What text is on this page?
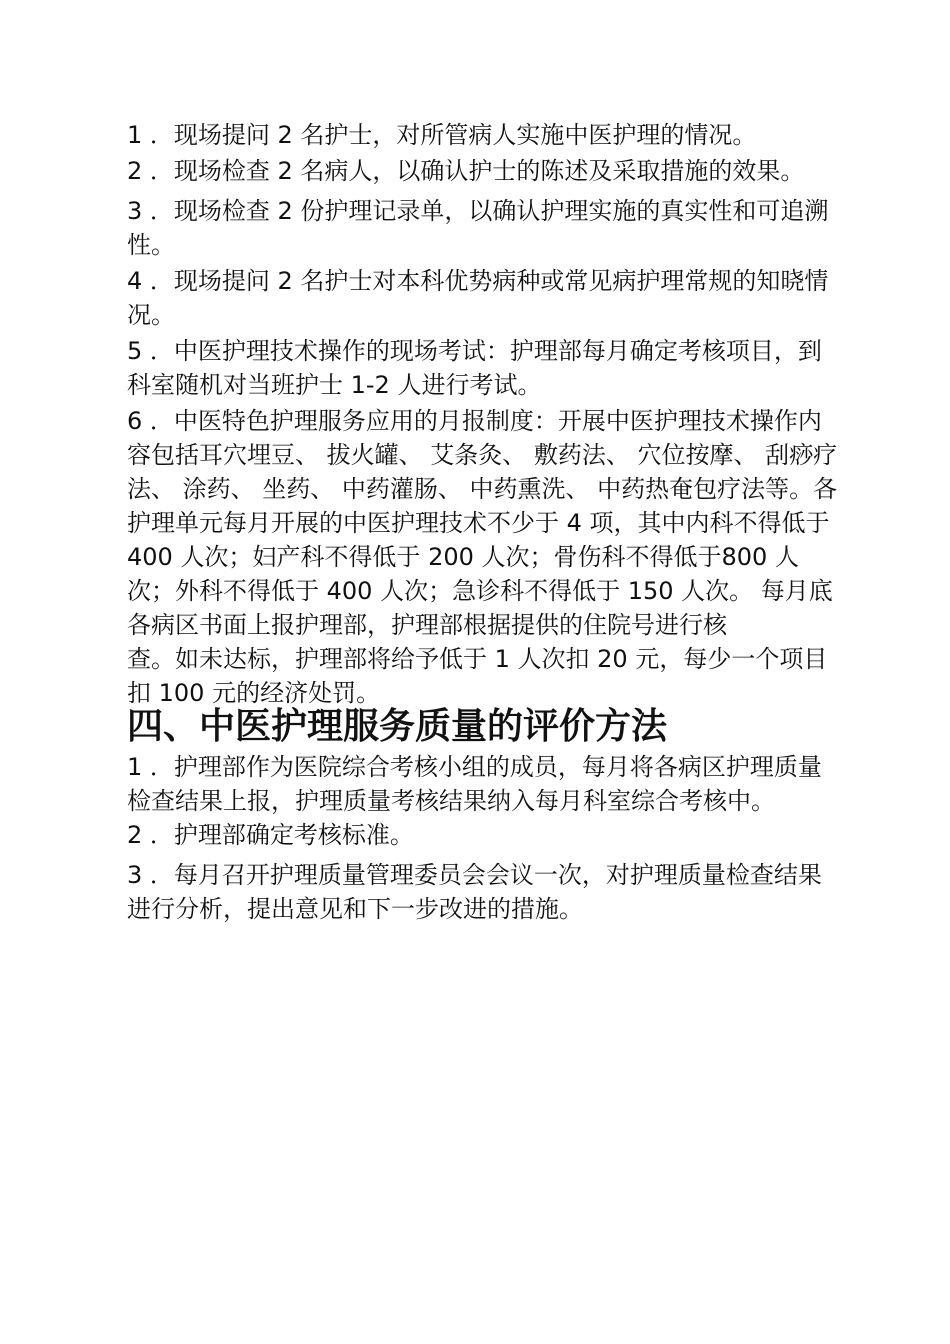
1 ．现场提问 2 名护士，对所管病人实施中医护理的情况。

2 ．现场检查 2 名病人，以确认护士的陈述及采取措施的效果。

3 ．现场检查 2 份护理记录单，以确认护理实施的真实性和可追溯性。

4 ．现场提问 2 名护士对本科优势病种或常见病护理常规的知晓情况。

5 ．中医护理技术操作的现场考试：护理部每月确定考核项目，到科室随机对当班护士 1-2 人进行考试。

6 ．中医特色护理服务应用的月报制度：开展中医护理技术操作内容包括耳穴埋豆、 拔火罐、 艾条灸、 敷药法、 穴位按摩、 刮痧疗法、 涂药、 坐药、 中药灌肠、 中药熏洗、 中药热奄包疗法等。各护理单元每月开展的中医护理技术不少于 4 项，其中内科不得低于 400 人次；妇产科不得低于 200 人次；骨伤科不得低于800 人次；外科不得低于 400 人次；急诊科不得低于 150 人次。 每月底各病区书面上报护理部，护理部根据提供的住院号进行核

查。如未达标，护理部将给予低于 1 人次扣 20 元，每少一个项目扣 100 元的经济处罚。

四、中医护理服务质量的评价方法

1 ．护理部作为医院综合考核小组的成员，每月将各病区护理质量检查结果上报，护理质量考核结果纳入每月科室综合考核中。

2 ．护理部确定考核标准。

3 ．每月召开护理质量管理委员会会议一次，对护理质量检查结果进行分析，提出意见和下一步改进的措施。
